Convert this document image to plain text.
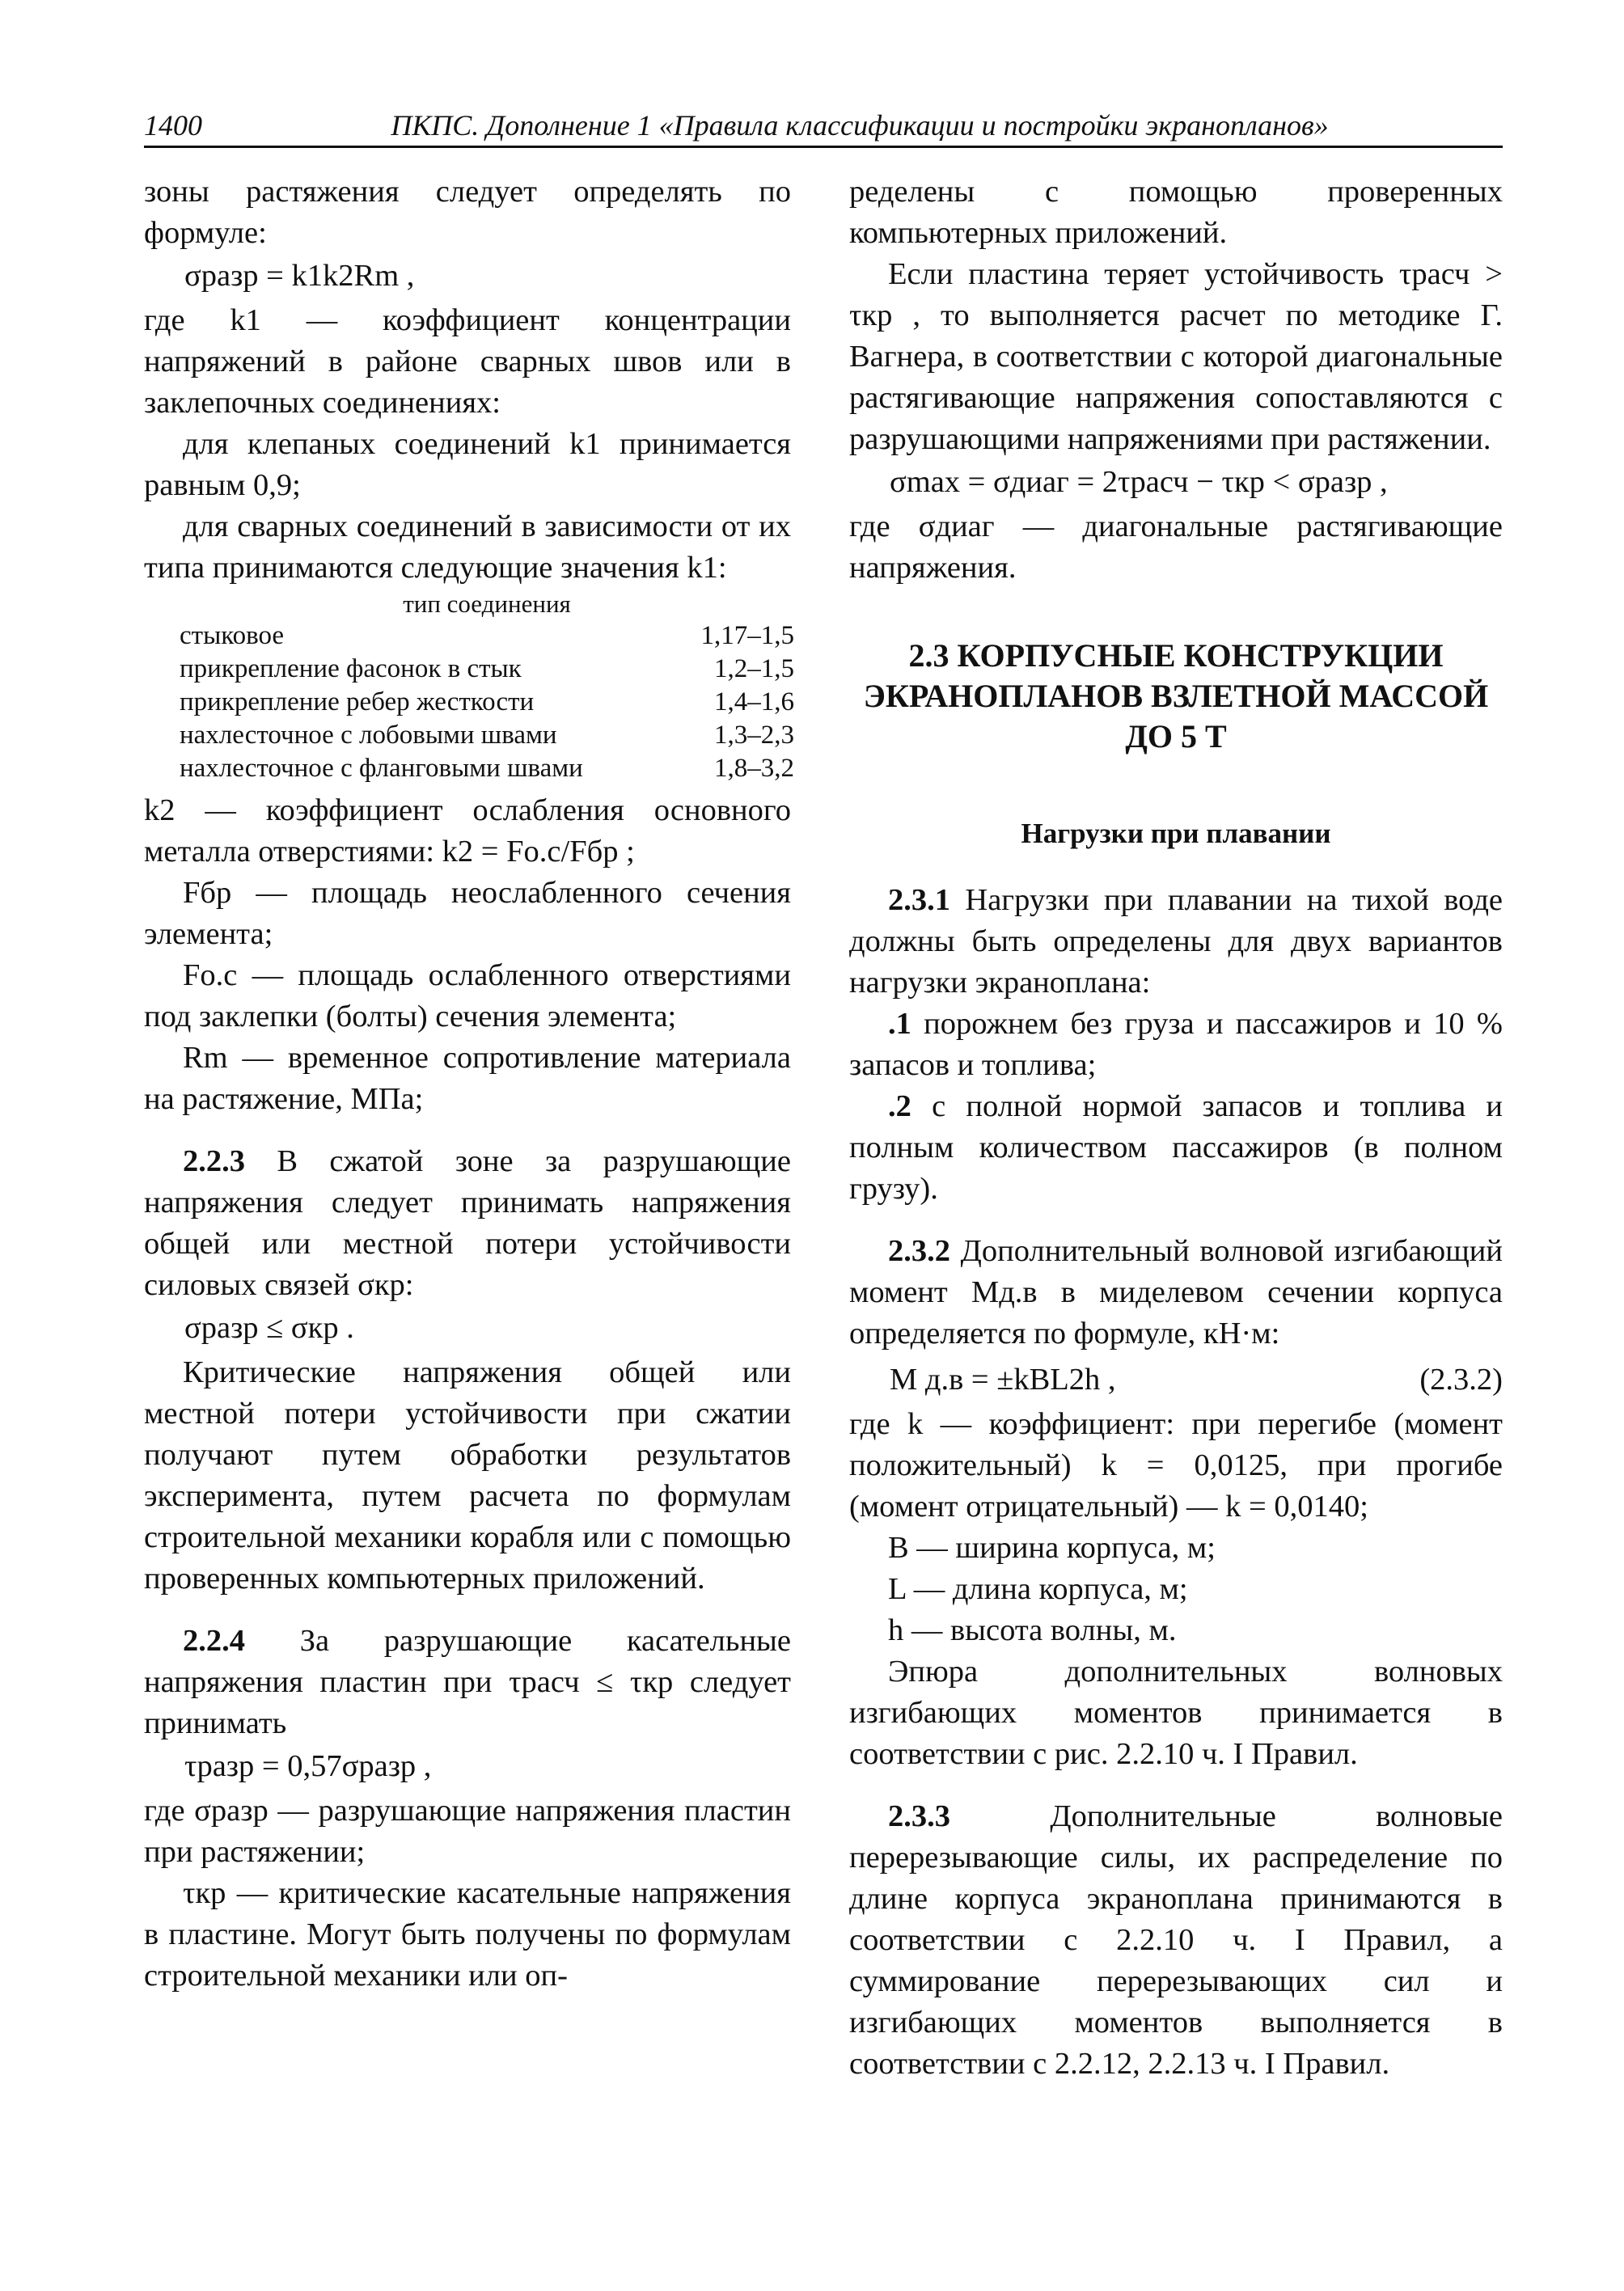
1400	ПКПС. Дополнение 1 «Правила классификации и постройки экранопланов»

зоны растяжения следует определять по формуле:

σразр = k1k2Rm ,

где k1 — коэффициент концентрации напряжений в районе сварных швов или в заклепочных соединениях:

для клепаных соединений k1 принимается равным 0,9;

для сварных соединений в зависимости от их типа принимаются следующие значения k1:

тип соединения
стыковое	1,17–1,5
прикрепление фасонок в стык	1,2–1,5
прикрепление ребер жесткости	1,4–1,6
нахлесточное с лобовыми швами	1,3–2,3
нахлесточное с фланговыми швами	1,8–3,2

k2 — коэффициент ослабления основного металла отверстиями: k2 = Fо.с/Fбр ;

Fбр — площадь неослабленного сечения элемента;

Fо.с — площадь ослабленного отверстиями под заклепки (болты) сечения элемента;

Rm — временное сопротивление материала на растяжение, МПа;

2.2.3 В сжатой зоне за разрушающие напряжения следует принимать напряжения общей или местной потери устойчивости силовых связей σкр:

σразр ≤ σкр .

Критические напряжения общей или местной потери устойчивости при сжатии получают путем обработки результатов эксперимента, путем расчета по формулам строительной механики корабля или с помощью проверенных компьютерных приложений.

2.2.4 За разрушающие касательные напряжения пластин при τрасч ≤ τкр следует принимать

τразр = 0,57σразр ,

где σразр — разрушающие напряжения пластин при растяжении;

τкр — критические касательные напряжения в пластине. Могут быть получены по формулам строительной механики или оп-

ределены с помощью проверенных компьютерных приложений.

Если пластина теряет устойчивость τрасч > τкр , то выполняется расчет по методике Г. Вагнера, в соответствии с которой диагональные растягивающие напряжения сопоставляются с разрушающими напряжениями при растяжении.

σmax = σдиаг = 2τрасч − τкр < σразр ,

где σдиаг — диагональные растягивающие напряжения.

2.3 КОРПУСНЫЕ КОНСТРУКЦИИ ЭКРАНОПЛАНОВ ВЗЛЕТНОЙ МАССОЙ ДО 5 Т
Нагрузки при плавании

2.3.1 Нагрузки при плавании на тихой воде должны быть определены для двух вариантов нагрузки экраноплана:

.1 порожнем без груза и пассажиров и 10 % запасов и топлива;

.2 с полной нормой запасов и топлива и полным количеством пассажиров (в полном грузу).

2.3.2 Дополнительный волновой изгибающий момент Mд.в в миделевом сечении корпуса определяется по формуле, кН·м:

M д.в = ±kBL2h ,	(2.3.2)

где k — коэффициент: при перегибе (момент положительный) k = 0,0125, при прогибе (момент отрицательный) — k = 0,0140;

B — ширина корпуса, м;

L — длина корпуса, м;

h — высота волны, м.

Эпюра дополнительных волновых изгибающих моментов принимается в соответствии с рис. 2.2.10 ч. I Правил.

2.3.3	Дополнительные волновые перерезывающие силы, их распределение по длине корпуса экраноплана принимаются в соответствии с 2.2.10 ч. I Правил, а суммирование перерезывающих сил и изгибающих моментов выполняется в соответствии с 2.2.12, 2.2.13 ч. I Правил.
